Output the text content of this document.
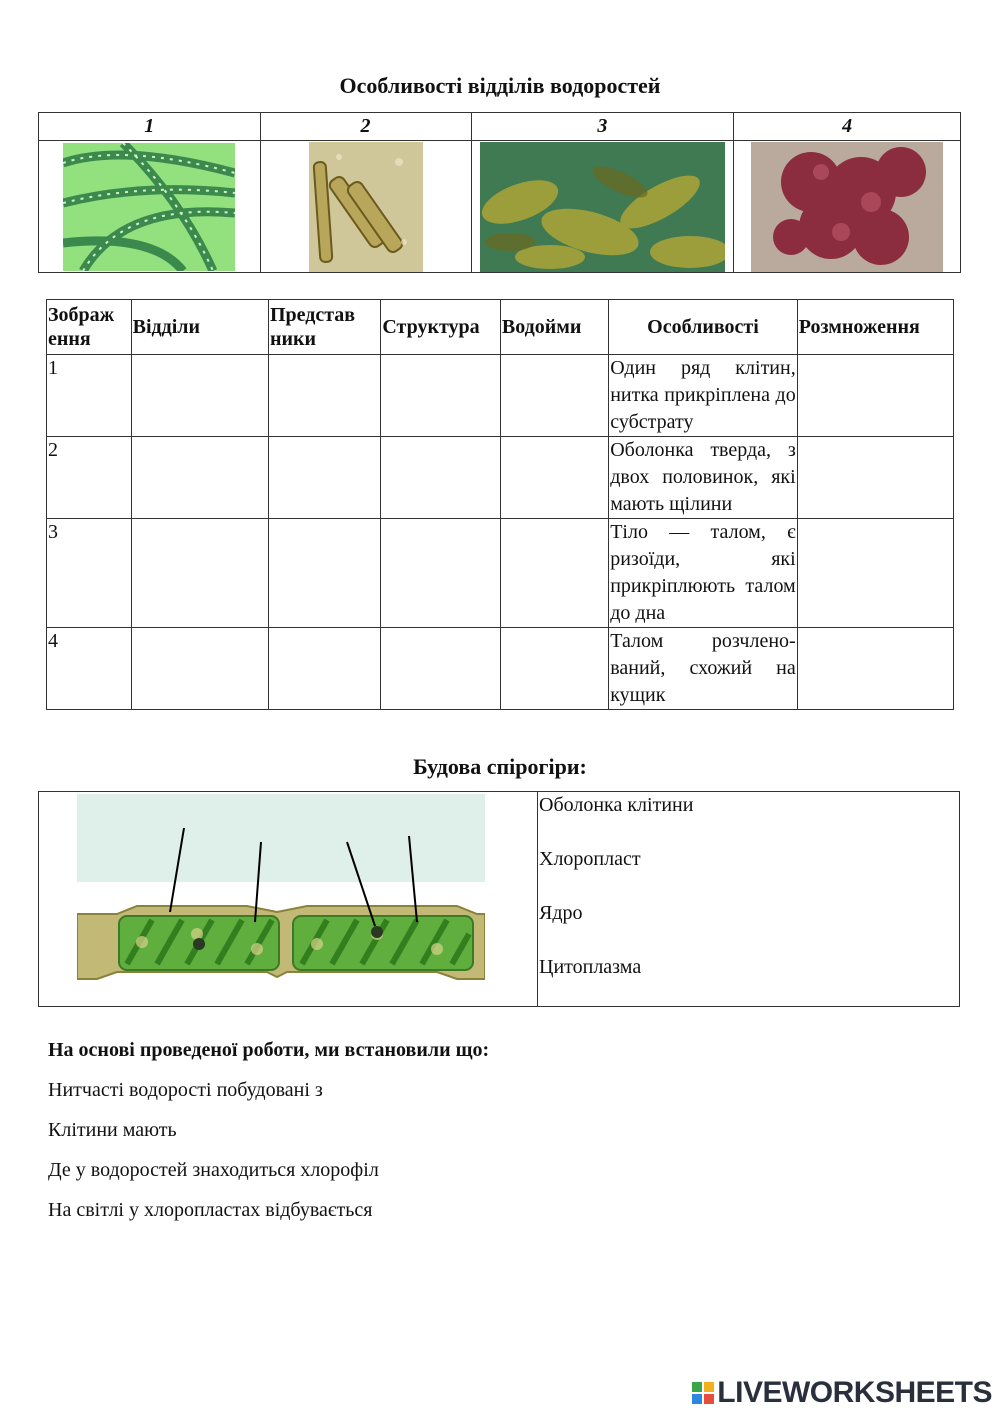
Особливості відділів водоростей
1	2	3	4

Зображ ення	Відділи	Представ ники	Структура	Водойми	Особливості	Розмноження
1					Один ряд клітин, нитка прикріплена до субстрату	
2					Оболонка тверда, з двох половинок, які мають щілини	
3					Тіло — талом, є ризоїди, які прикріплюють талом до дна	
4					Талом розчлено-ваний, схожий на кущик	
Будова спірогіри:
Оболонка клітини
Хлоропласт
Ядро
Цитоплазма
На основі проведеної роботи, ми встановили що:
Нитчасті водорості побудовані з
Клітини мають
Де у водоростей знаходиться хлорофіл
На світлі у хлоропластах відбувається
LIVEWORKSHEETS
